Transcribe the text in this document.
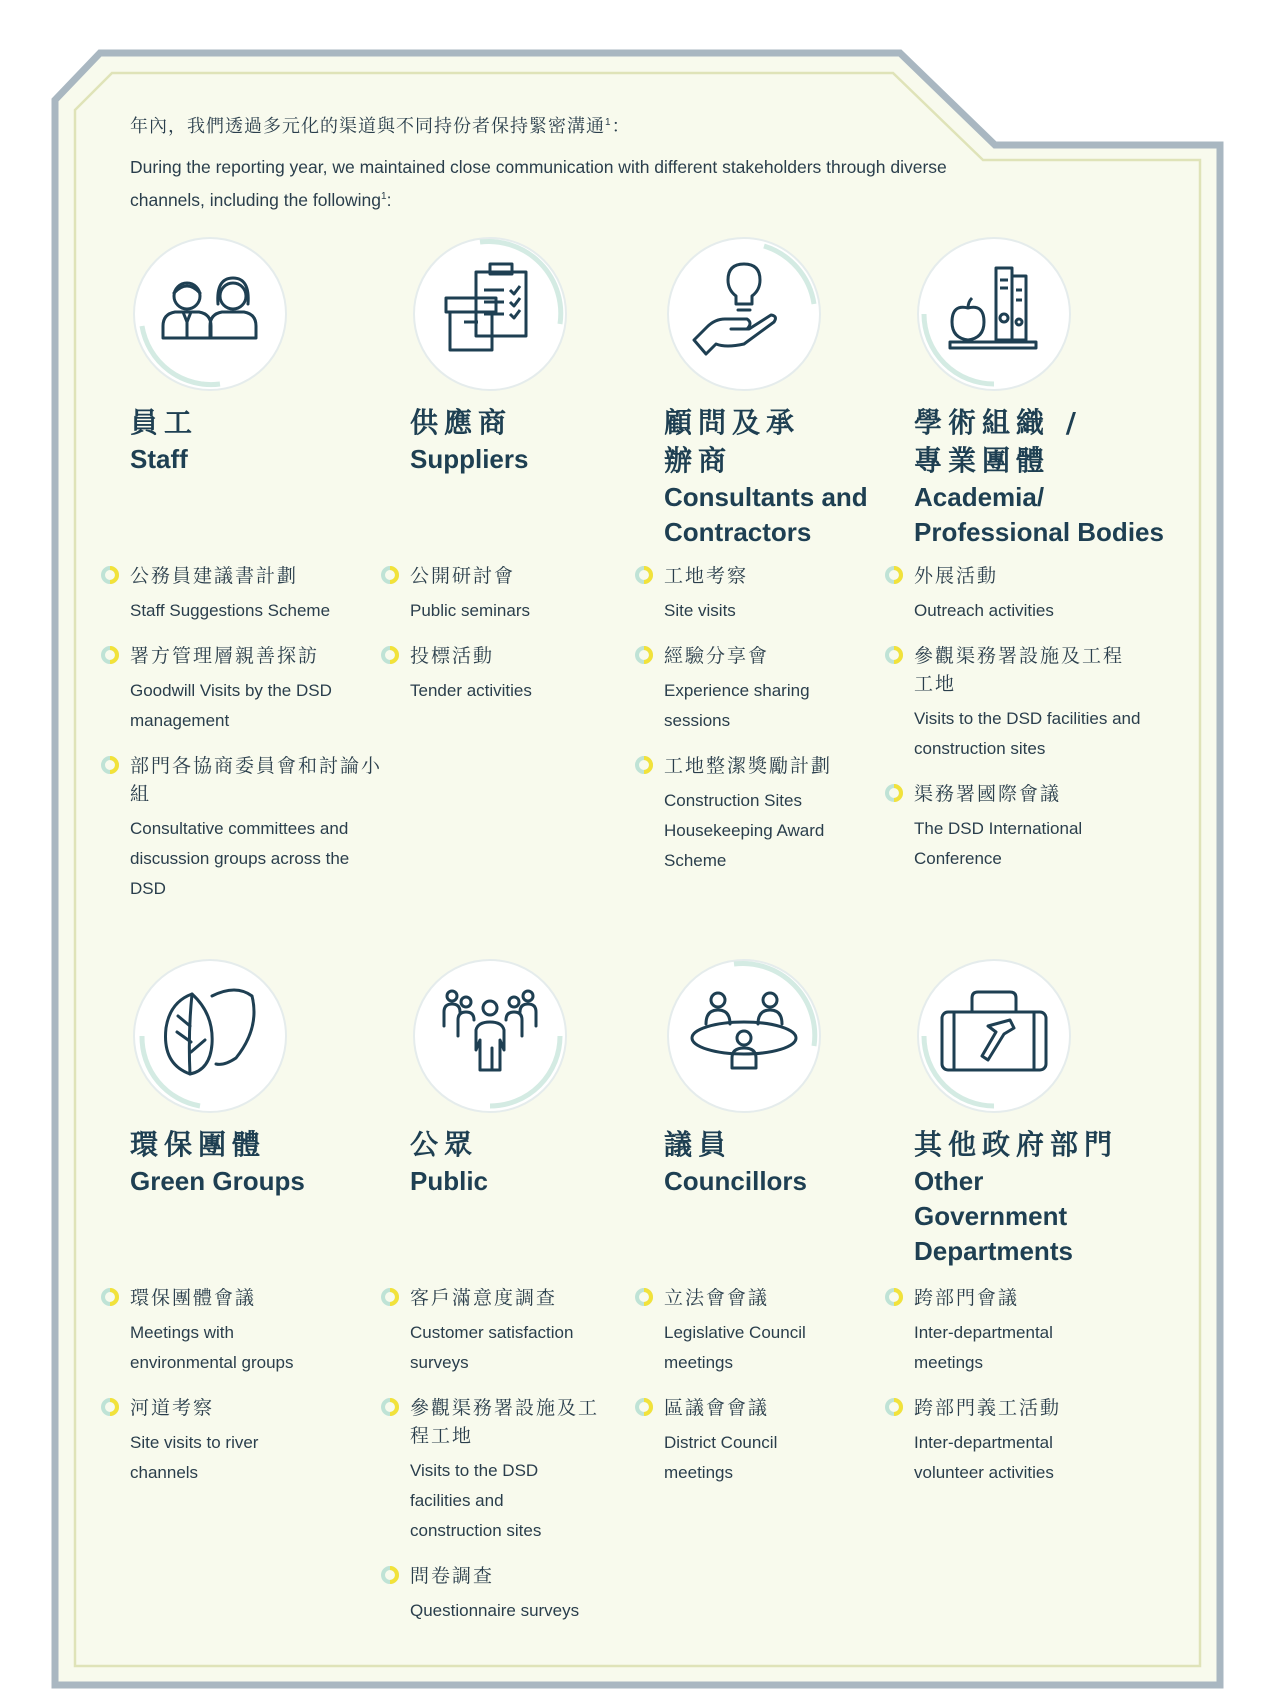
年內，我們透過多元化的渠道與不同持份者保持緊密溝通$^1$：
During the reporting year, we maintained close communication with different stakeholders through diverse channels, including the following$^1$:
員工
Staff
公務員建議書計劃
Staff Suggestions Scheme
署方管理層親善探訪
Goodwill Visits by the DSD management
部門各協商委員會和討論小組
Consultative committees and discussion groups across the DSD
供應商
Suppliers
公開研討會
Public seminars
投標活動
Tender activities
顧問及承辦商
Consultants and Contractors
工地考察
Site visits
經驗分享會
Experience sharing sessions
工地整潔獎勵計劃
Construction Sites Housekeeping Award Scheme
學術組織 / 專業團體
Academia/ Professional Bodies
外展活動
Outreach activities
參觀渠務署設施及工程工地
Visits to the DSD facilities and construction sites
渠務署國際會議
The DSD International Conference
環保團體
Green Groups
環保團體會議
Meetings with environmental groups
河道考察
Site visits to river channels
公眾
Public
客戶滿意度調查
Customer satisfaction surveys
參觀渠務署設施及工程工地
Visits to the DSD facilities and construction sites
問卷調查
Questionnaire surveys
議員
Councillors
立法會會議
Legislative Council meetings
區議會會議
District Council meetings
其他政府部門
Other Government Departments
跨部門會議
Inter-departmental meetings
跨部門義工活動
Inter-departmental volunteer activities
